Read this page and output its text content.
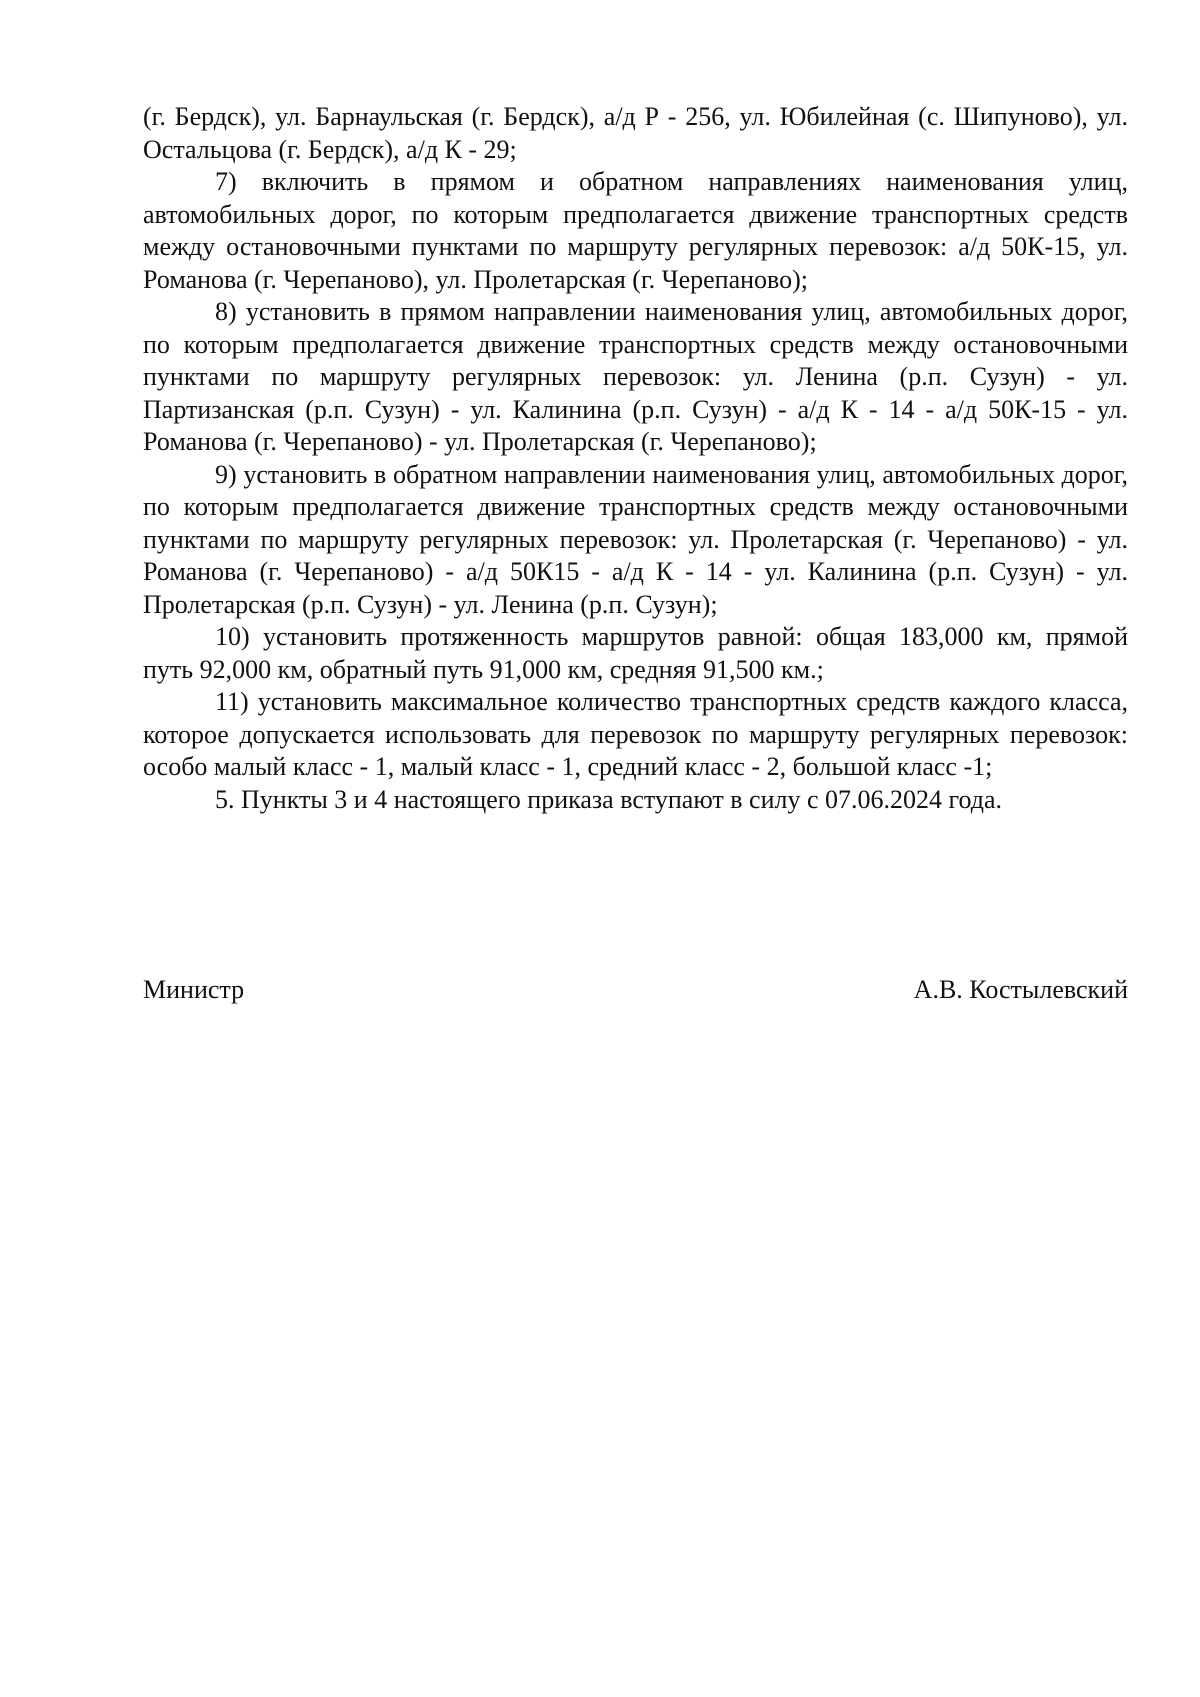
(г. Бердск), ул. Барнаульская (г. Бердск), а/д Р - 256, ул. Юбилейная (с. Шипуново), ул. Остальцова (г. Бердск), а/д К - 29;

7) включить в прямом и обратном направлениях наименования улиц, автомобильных дорог, по которым предполагается движение транспортных средств между остановочными пунктами по маршруту регулярных перевозок: а/д 50К-15, ул. Романова (г. Черепаново), ул. Пролетарская (г. Черепаново);

8) установить в прямом направлении наименования улиц, автомобильных дорог, по которым предполагается движение транспортных средств между остановочными пунктами по маршруту регулярных перевозок: ул. Ленина (р.п. Сузун) - ул. Партизанская (р.п. Сузун) - ул. Калинина (р.п. Сузун) - а/д К - 14 - а/д 50К-15 - ул. Романова (г. Черепаново) - ул. Пролетарская (г. Черепаново);

9) установить в обратном направлении наименования улиц, автомобильных дорог, по которым предполагается движение транспортных средств между остановочными пунктами по маршруту регулярных перевозок: ул. Пролетарская (г. Черепаново) - ул. Романова (г. Черепаново) - а/д 50К15 - а/д К - 14 - ул. Калинина (р.п. Сузун) - ул. Пролетарская (р.п. Сузун) - ул. Ленина (р.п. Сузун);

10) установить протяженность маршрутов равной: общая 183,000 км, прямой путь 92,000 км, обратный путь 91,000 км, средняя 91,500 км.;

11) установить максимальное количество транспортных средств каждого класса, которое допускается использовать для перевозок по маршруту регулярных перевозок: особо малый класс - 1, малый класс - 1, средний класс - 2, большой класс -1;

5. Пункты 3 и 4 настоящего приказа вступают в силу с 07.06.2024 года.

Министр	А.В. Костылевский
